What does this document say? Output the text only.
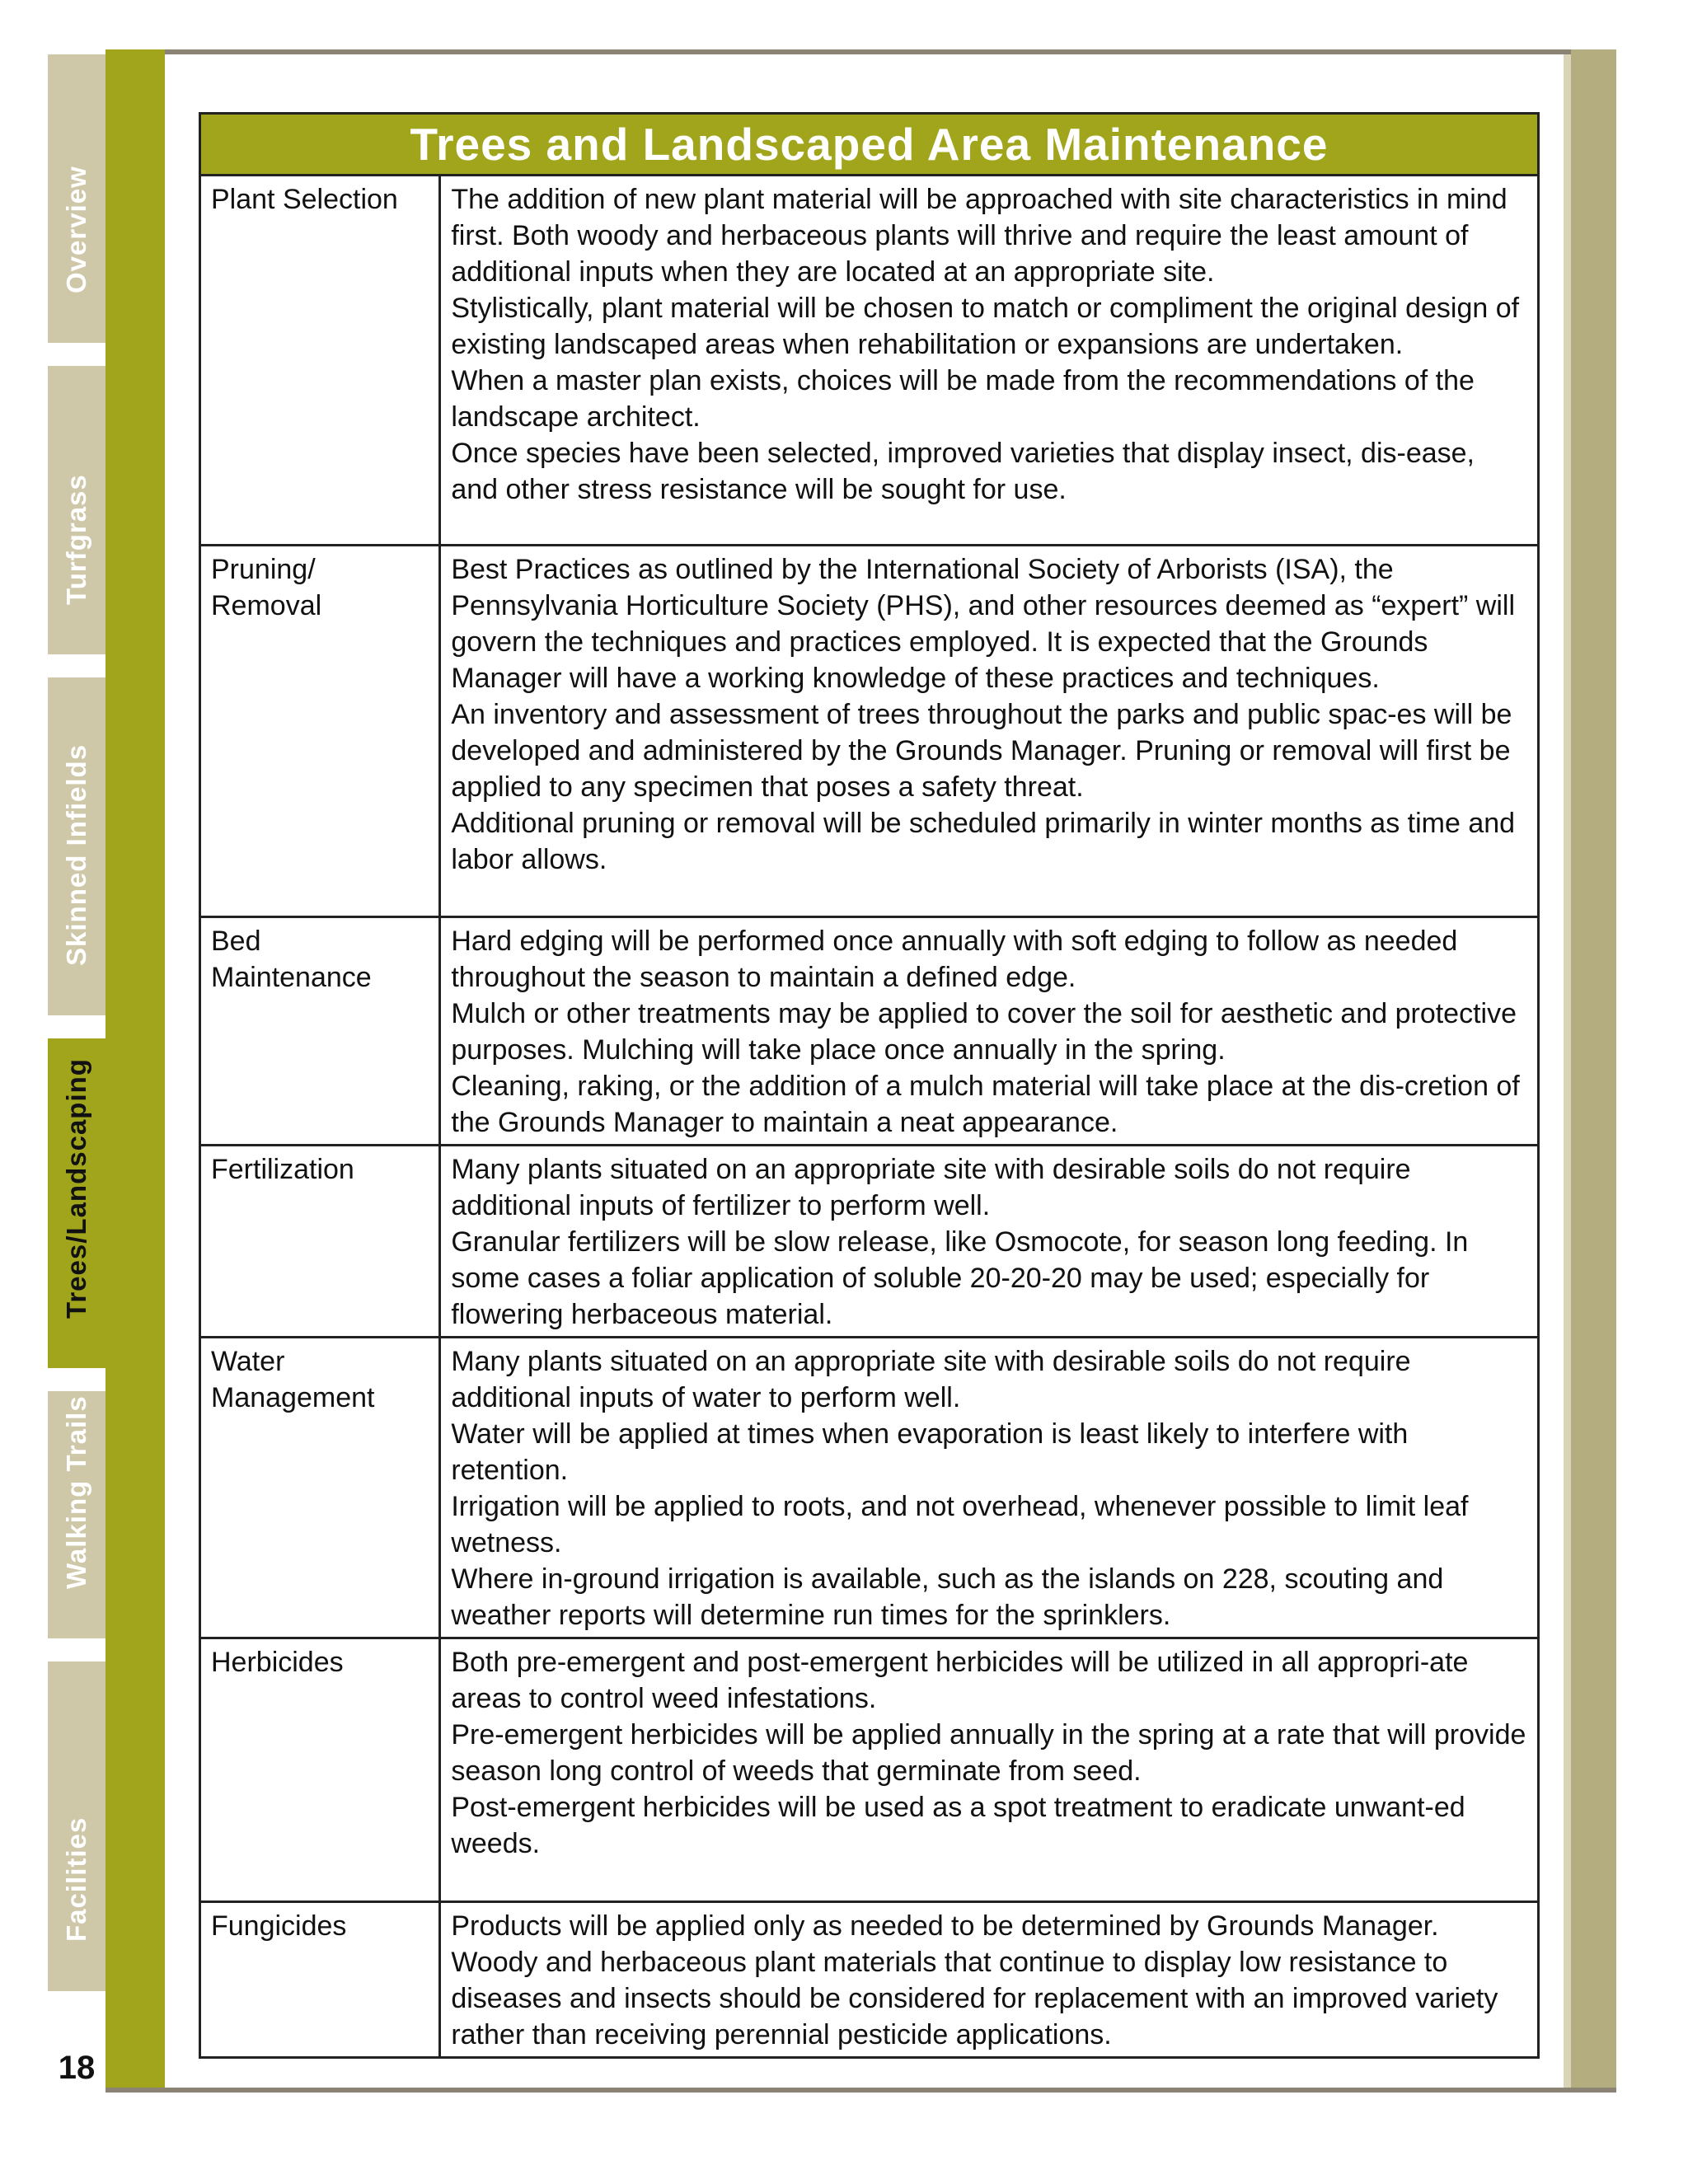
Overview
Turfgrass
Skinned Infields
Trees/Landscaping
Walking Trails
Facilities
18
Trees and Landscaped Area Maintenance	
Plant Selection	The addition of new plant material will be approached with site characteristics in mind first. Both woody and herbaceous plants will thrive and require the least amount of additional inputs when they are located at an appropriate site.
Stylistically, plant material will be chosen to match or compliment the original design of existing landscaped areas when rehabilitation or expansions are undertaken.
When a master plan exists, choices will be made from the recommendations of the landscape architect.
Once species have been selected, improved varieties that display insect, dis-ease, and other stress resistance will be sought for use.
Pruning/
Removal	Best Practices as outlined by the International Society of Arborists (ISA), the Pennsylvania Horticulture Society (PHS), and other resources deemed as “expert” will govern the techniques and practices employed. It is expected that the Grounds Manager will have a working knowledge of these practices and techniques.
An inventory and assessment of trees throughout the parks and public spac-es will be developed and administered by the Grounds Manager. Pruning or removal will first be applied to any specimen that poses a safety threat.
Additional pruning or removal will be scheduled primarily in winter months as time and labor allows.
Bed
Maintenance	Hard edging will be performed once annually with soft edging to follow as needed throughout the season to maintain a defined edge.
Mulch or other treatments may be applied to cover the soil for aesthetic and protective purposes. Mulching will take place once annually in the spring.
Cleaning, raking, or the addition of a mulch material will take place at the dis-cretion of the Grounds Manager to maintain a neat appearance.
Fertilization	Many plants situated on an appropriate site with desirable soils do not require additional inputs of fertilizer to perform well.
Granular fertilizers will be slow release, like Osmocote, for season long feeding. In some cases a foliar application of soluble 20-20-20 may be used; especially for flowering herbaceous material.
Water
Management	Many plants situated on an appropriate site with desirable soils do not require additional inputs of water to perform well.
Water will be applied at times when evaporation is least likely to interfere with retention.
Irrigation will be applied to roots, and not overhead, whenever possible to limit leaf wetness.
Where in-ground irrigation is available, such as the islands on 228, scouting and weather reports will determine run times for the sprinklers.
Herbicides	Both pre-emergent and post-emergent herbicides will be utilized in all appropri-ate areas to control weed infestations.
Pre-emergent herbicides will be applied annually in the spring at a rate that will provide season long control of weeds that germinate from seed.
Post-emergent herbicides will be used as a spot treatment to eradicate unwant-ed weeds.
Fungicides	Products will be applied only as needed to be determined by Grounds Manager.
Woody and herbaceous plant materials that continue to display low resistance to diseases and insects should be considered for replacement with an improved variety rather than receiving perennial pesticide applications.
